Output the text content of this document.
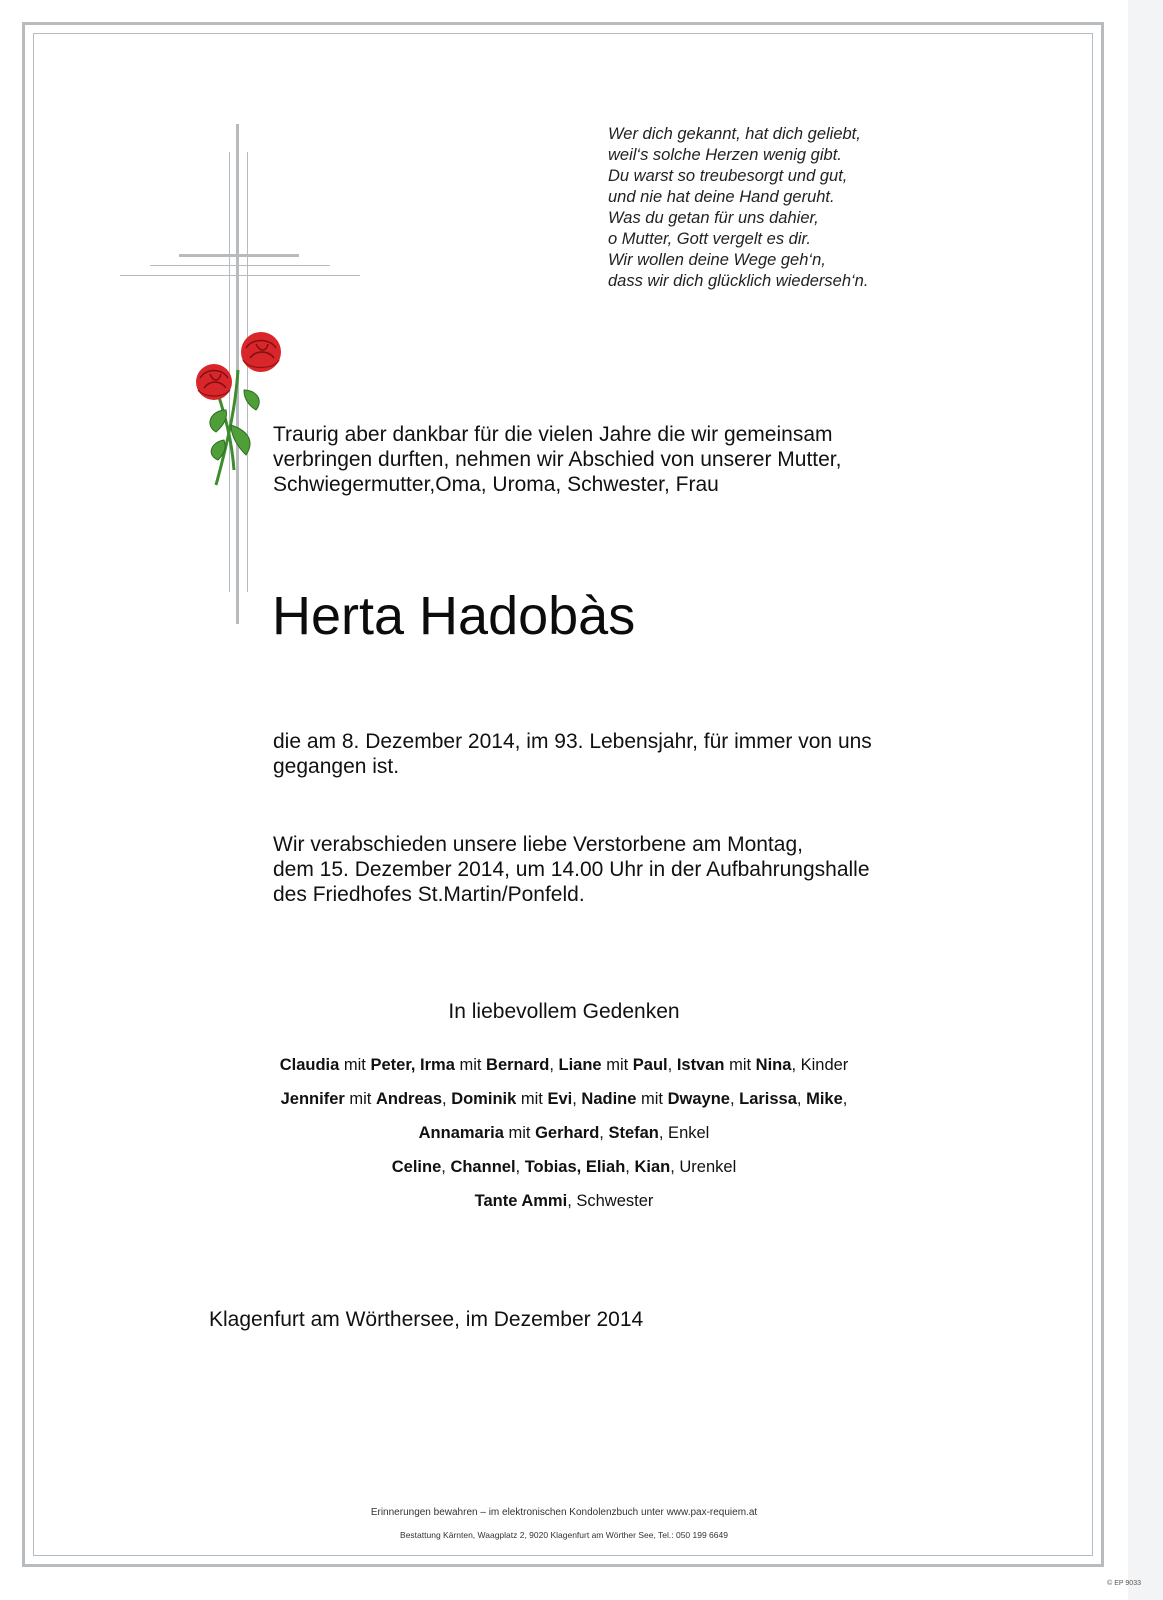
Wer dich gekannt, hat dich geliebt,
weil‘s solche Herzen wenig gibt.
Du warst so treubesorgt und gut,
und nie hat deine Hand geruht.
Was du getan für uns dahier,
o Mutter, Gott vergelt es dir.
Wir wollen deine Wege geh‘n,
dass wir dich glücklich wiederseh‘n.
Traurig aber dankbar für die vielen Jahre die wir gemeinsam
verbringen durften, nehmen wir Abschied von unserer Mutter,
Schwiegermutter,Oma, Uroma, Schwester, Frau
Herta Hadobàs
die am 8. Dezember 2014, im 93. Lebensjahr, für immer von uns
gegangen ist.
Wir verabschieden unsere liebe Verstorbene am Montag,
dem 15. Dezember 2014, um 14.00 Uhr in der Aufbahrungshalle
des Friedhofes St.Martin/Ponfeld.
In liebevollem Gedenken
Claudia mit Peter, Irma mit Bernard, Liane mit Paul, Istvan mit Nina, Kinder
Jennifer mit Andreas, Dominik mit Evi, Nadine mit Dwayne, Larissa, Mike,
Annamaria mit Gerhard, Stefan, Enkel
Celine, Channel, Tobias, Eliah, Kian, Urenkel
Tante Ammi, Schwester
Klagenfurt am Wörthersee, im Dezember 2014
Erinnerungen bewahren – im elektronischen Kondolenzbuch unter www.pax-requiem.at
Bestattung Kärnten, Waagplatz 2, 9020 Klagenfurt am Wörther See, Tel.: 050 199 6649
© EP 9033
